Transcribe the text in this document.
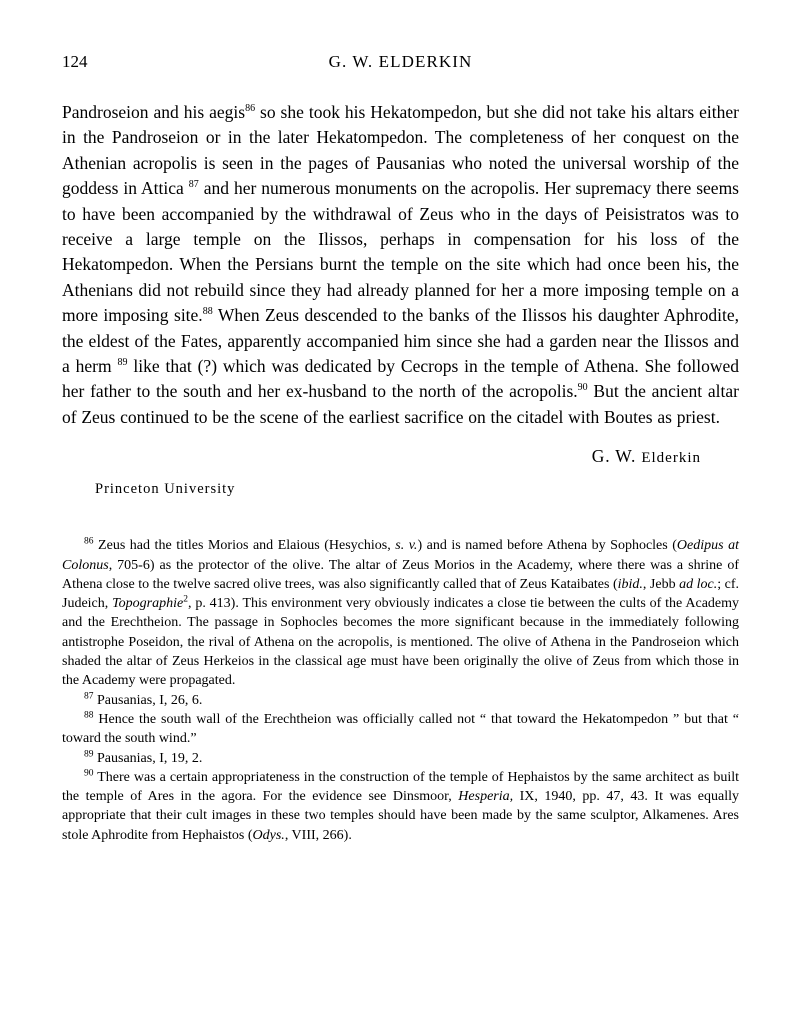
124	G. W. ELDERKIN

Pandroseion and his aegis$^{86}$ so she took his Hekatompedon, but she did not take his altars either in the Pandroseion or in the later Hekatompedon. The completeness of her conquest on the Athenian acropolis is seen in the pages of Pausanias who noted the universal worship of the goddess in Attica $^{87}$ and her numerous monuments on the acropolis. Her supremacy there seems to have been accompanied by the withdrawal of Zeus who in the days of Peisistratos was to receive a large temple on the Ilissos, perhaps in compensation for his loss of the Hekatompedon. When the Persians burnt the temple on the site which had once been his, the Athenians did not rebuild since they had already planned for her a more imposing temple on a more imposing site.$^{88}$ When Zeus descended to the banks of the Ilissos his daughter Aphrodite, the eldest of the Fates, apparently accompanied him since she had a garden near the Ilissos and a herm $^{89}$ like that (?) which was dedicated by Cecrops in the temple of Athena. She followed her father to the south and her ex-husband to the north of the acropolis.$^{90}$ But the ancient altar of Zeus continued to be the scene of the earliest sacrifice on the citadel with Boutes as priest.

G. W. Elderkin
Princeton University

$^{86}$ Zeus had the titles Morios and Elaious (Hesychios, s. v.) and is named before Athena by Sophocles (Oedipus at Colonus, 705-6) as the protector of the olive. The altar of Zeus Morios in the Academy, where there was a shrine of Athena close to the twelve sacred olive trees, was also significantly called that of Zeus Kataibates (ibid., Jebb ad loc.; cf. Judeich, Topographie$^2$, p. 413). This environment very obviously indicates a close tie between the cults of the Academy and the Erechtheion. The passage in Sophocles becomes the more significant because in the immediately following antistrophe Poseidon, the rival of Athena on the acropolis, is mentioned. The olive of Athena in the Pandroseion which shaded the altar of Zeus Herkeios in the classical age must have been originally the olive of Zeus from which those in the Academy were propagated.

$^{87}$ Pausanias, I, 26, 6.

$^{88}$ Hence the south wall of the Erechtheion was officially called not “ that toward the Hekatompedon ” but that “ toward the south wind.”

$^{89}$ Pausanias, I, 19, 2.

$^{90}$ There was a certain appropriateness in the construction of the temple of Hephaistos by the same architect as built the temple of Ares in the agora. For the evidence see Dinsmoor, Hesperia, IX, 1940, pp. 47, 43. It was equally appropriate that their cult images in these two temples should have been made by the same sculptor, Alkamenes. Ares stole Aphrodite from Hephaistos (Odys., VIII, 266).
